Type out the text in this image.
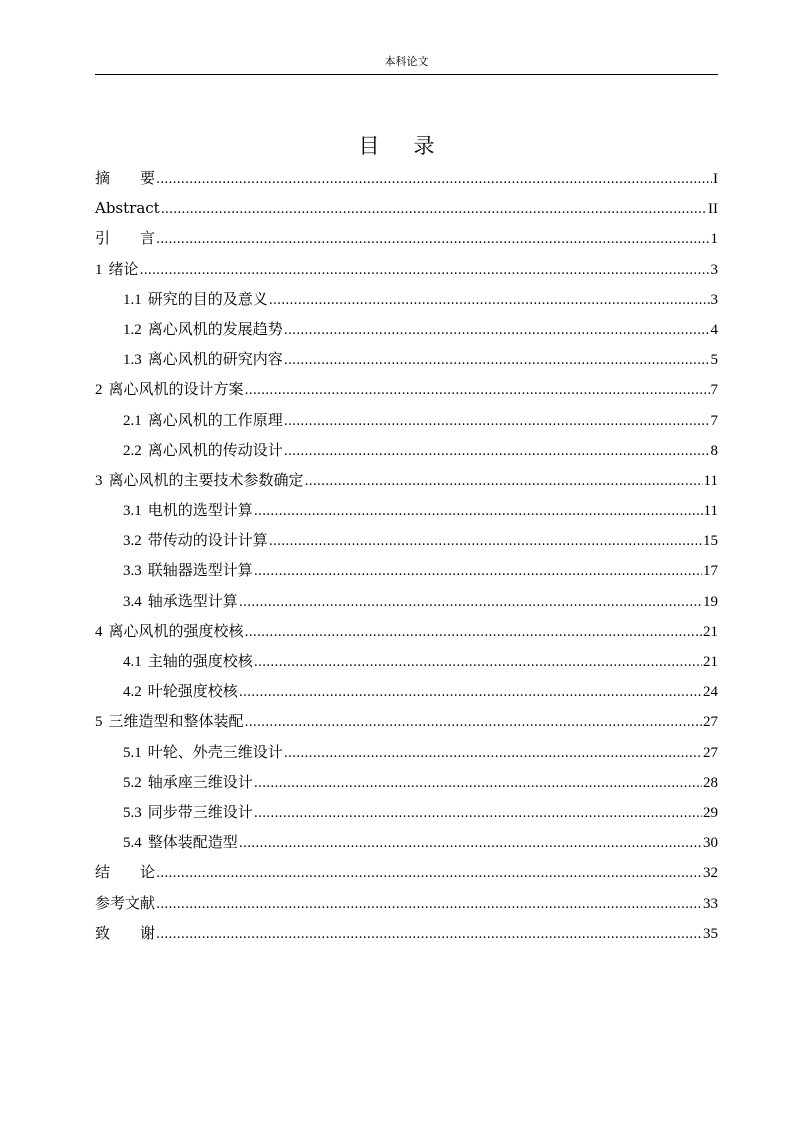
本科论文
目 录
摘　　要 .....	I
Abstract .....	II
引　　言 .....	1
1 绪论 .....	3
1.1 研究的目的及意义 .....	3
1.2 离心风机的发展趋势 .....	4
1.3 离心风机的研究内容 .....	5
2 离心风机的设计方案 .....	7
2.1 离心风机的工作原理 .....	7
2.2 离心风机的传动设计 .....	8
3 离心风机的主要技术参数确定 .....	11
3.1 电机的选型计算 .....	11
3.2 带传动的设计计算 .....	15
3.3 联轴器选型计算 .....	17
3.4 轴承选型计算 .....	19
4 离心风机的强度校核 .....	21
4.1 主轴的强度校核 .....	21
4.2 叶轮强度校核 .....	24
5 三维造型和整体装配 .....	27
5.1 叶轮、外壳三维设计 .....	27
5.2 轴承座三维设计 .....	28
5.3 同步带三维设计 .....	29
5.4 整体装配造型 .....	30
结　　论 .....	32
参考文献 .....	33
致　　谢 .....	35
